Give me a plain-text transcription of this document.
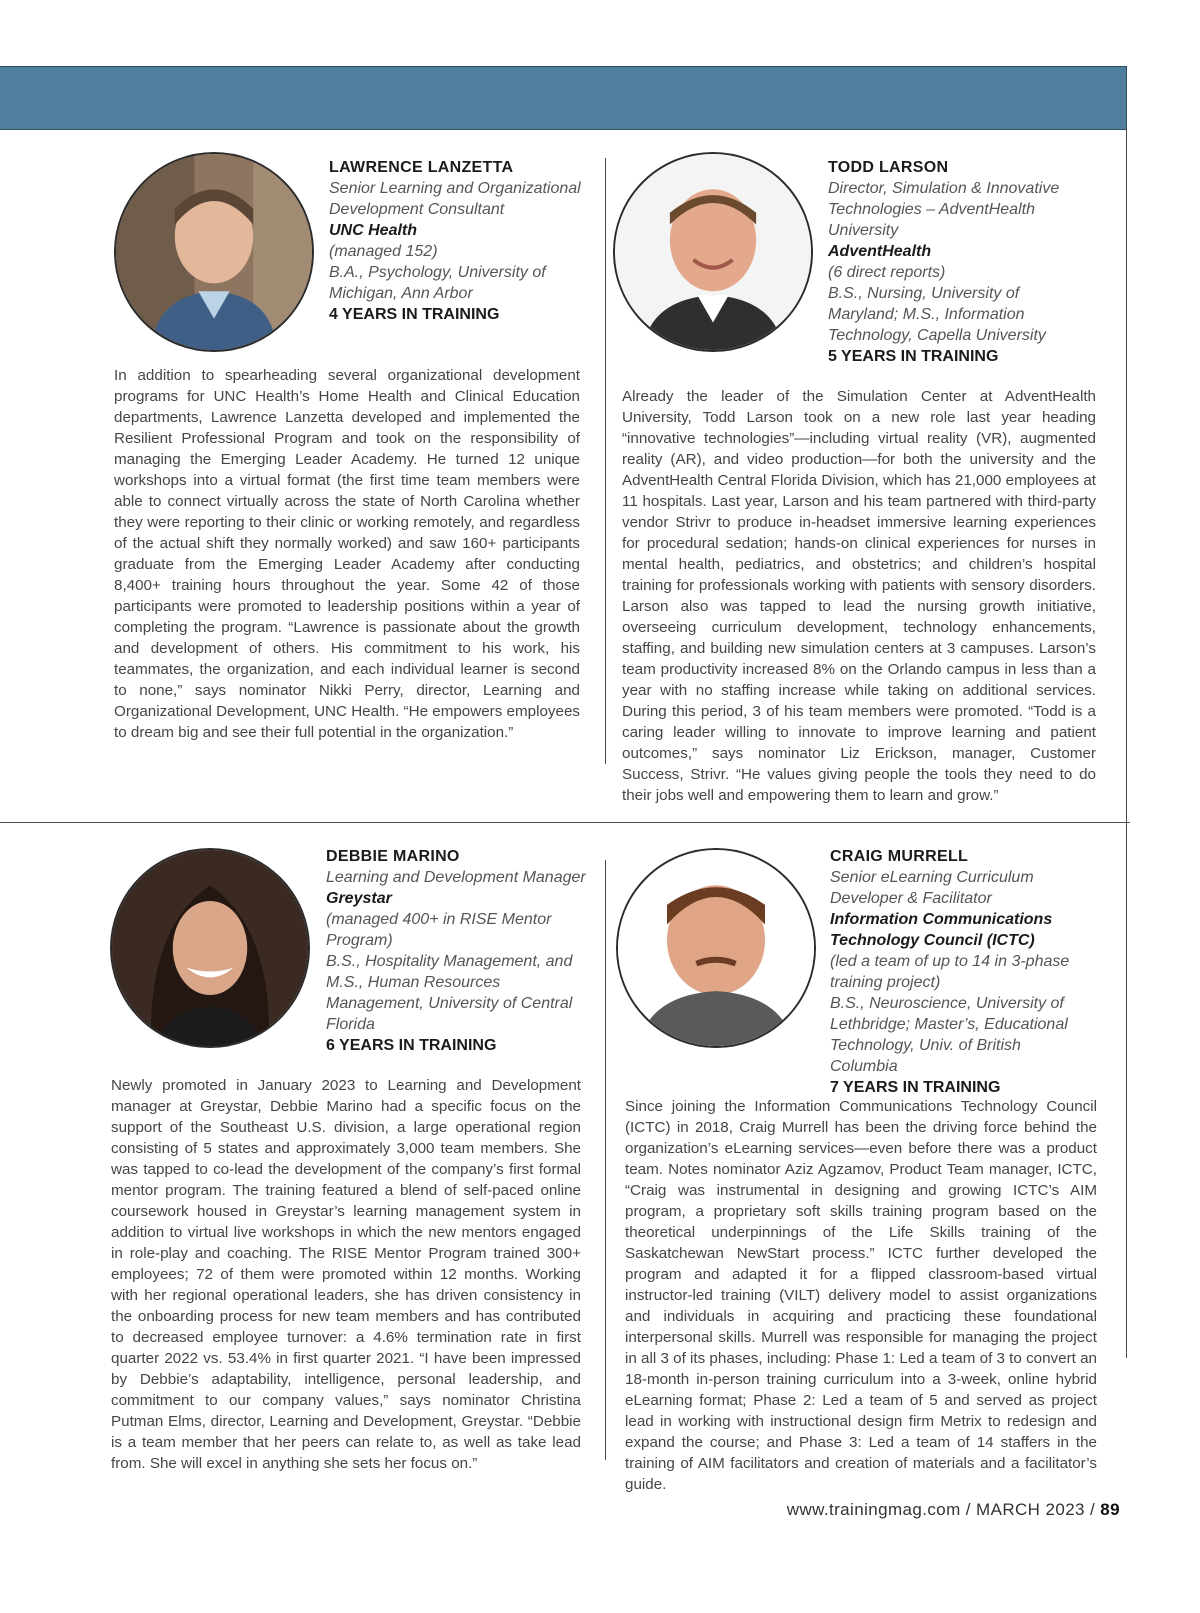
LAWRENCE LANZETTA
Senior Learning and Organizational Development Consultant
UNC Health
(managed 152)
B.A., Psychology, University of Michigan, Ann Arbor
4 YEARS IN TRAINING

In addition to spearheading several organizational development programs for UNC Health’s Home Health and Clinical Education departments, Lawrence Lanzetta developed and implemented the Resilient Professional Program and took on the responsibility of managing the Emerging Leader Academy. He turned 12 unique workshops into a virtual format (the first time team members were able to connect virtually across the state of North Carolina whether they were reporting to their clinic or working remotely, and regardless of the actual shift they normally worked) and saw 160+ participants graduate from the Emerging Leader Academy after conducting 8,400+ training hours throughout the year. Some 42 of those participants were promoted to leadership positions within a year of completing the program. “Lawrence is passionate about the growth and development of others. His commitment to his work, his teammates, the organization, and each individual learner is second to none,” says nominator Nikki Perry, director, Learning and Organizational Development, UNC Health. “He empowers employees to dream big and see their full potential in the organization.”

TODD LARSON
Director, Simulation & Innovative Technologies – AdventHealth University
AdventHealth
(6 direct reports)
B.S., Nursing, University of Maryland; M.S., Information Technology, Capella University
5 YEARS IN TRAINING

Already the leader of the Simulation Center at AdventHealth University, Todd Larson took on a new role last year heading “innovative technologies”—including virtual reality (VR), augmented reality (AR), and video production—for both the university and the AdventHealth Central Florida Division, which has 21,000 employees at 11 hospitals. Last year, Larson and his team partnered with third-party vendor Strivr to produce in-headset immersive learning experiences for procedural sedation; hands-on clinical experiences for nurses in mental health, pediatrics, and obstetrics; and children’s hospital training for professionals working with patients with sensory disorders. Larson also was tapped to lead the nursing growth initiative, overseeing curriculum development, technology enhancements, staffing, and building new simulation centers at 3 campuses. Larson’s team productivity increased 8% on the Orlando campus in less than a year with no staffing increase while taking on additional services. During this period, 3 of his team members were promoted. “Todd is a caring leader willing to innovate to improve learning and patient outcomes,” says nominator Liz Erickson, manager, Customer Success, Strivr. “He values giving people the tools they need to do their jobs well and empowering them to learn and grow.”

DEBBIE MARINO
Learning and Development Manager
Greystar
(managed 400+ in RISE Mentor Program)
B.S., Hospitality Management, and M.S., Human Resources Management, University of Central Florida
6 YEARS IN TRAINING

Newly promoted in January 2023 to Learning and Development manager at Greystar, Debbie Marino had a specific focus on the support of the Southeast U.S. division, a large operational region consisting of 5 states and approximately 3,000 team members. She was tapped to co-lead the development of the company’s first formal mentor program. The training featured a blend of self-paced online coursework housed in Greystar’s learning management system in addition to virtual live workshops in which the new mentors engaged in role-play and coaching. The RISE Mentor Program trained 300+ employees; 72 of them were promoted within 12 months. Working with her regional operational leaders, she has driven consistency in the onboarding process for new team members and has contributed to decreased employee turnover: a 4.6% termination rate in first quarter 2022 vs. 53.4% in first quarter 2021. “I have been impressed by Debbie’s adaptability, intelligence, personal leadership, and commitment to our company values,” says nominator Christina Putman Elms, director, Learning and Development, Greystar. “Debbie is a team member that her peers can relate to, as well as take lead from. She will excel in anything she sets her focus on.”

CRAIG MURRELL
Senior eLearning Curriculum Developer & Facilitator
Information Communications Technology Council (ICTC)
(led a team of up to 14 in 3-phase training project)
B.S., Neuroscience, University of Lethbridge; Master’s, Educational Technology, Univ. of British Columbia
7 YEARS IN TRAINING

Since joining the Information Communications Technology Council (ICTC) in 2018, Craig Murrell has been the driving force behind the organization’s eLearning services—even before there was a product team. Notes nominator Aziz Agzamov, Product Team manager, ICTC, “Craig was instrumental in designing and growing ICTC’s AIM program, a proprietary soft skills training program based on the theoretical underpinnings of the Life Skills training of the Saskatchewan NewStart process.” ICTC further developed the program and adapted it for a flipped classroom-based virtual instructor-led training (VILT) delivery model to assist organizations and individuals in acquiring and practicing these foundational interpersonal skills. Murrell was responsible for managing the project in all 3 of its phases, including: Phase 1: Led a team of 3 to convert an 18-month in-person training curriculum into a 3-week, online hybrid eLearning format; Phase 2: Led a team of 5 and served as project lead in working with instructional design firm Metrix to redesign and expand the course; and Phase 3: Led a team of 14 staffers in the training of AIM facilitators and creation of materials and a facilitator’s guide.

www.trainingmag.com / MARCH 2023 / 89
